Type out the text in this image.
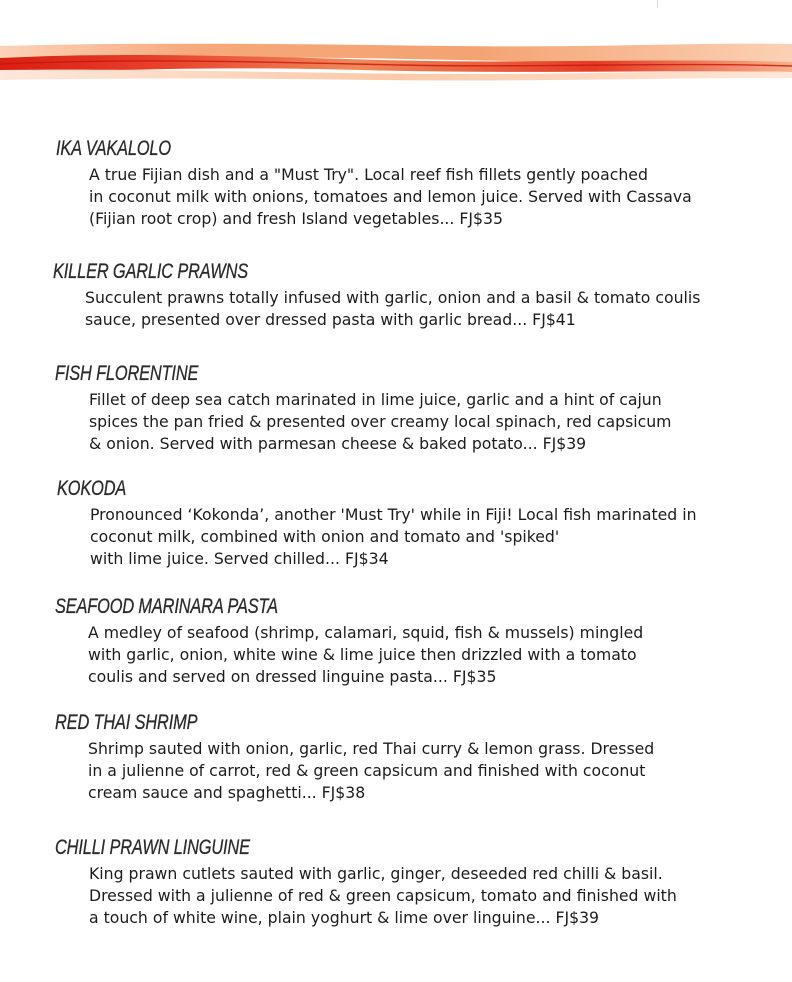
IKA VAKALOLO
A true Fijian dish and a "Must Try". Local reef fish fillets gently poached
in coconut milk with onions, tomatoes and lemon juice. Served with Cassava
(Fijian root crop) and fresh Island vegetables... FJ$35
KILLER GARLIC PRAWNS
Succulent prawns totally infused with garlic, onion and a basil & tomato coulis
sauce, presented over dressed pasta with garlic bread... FJ$41
FISH FLORENTINE
Fillet of deep sea catch marinated in lime juice, garlic and a hint of cajun
spices the pan fried & presented over creamy local spinach, red capsicum
& onion. Served with parmesan cheese & baked potato... FJ$39
KOKODA
Pronounced ‘Kokonda’, another 'Must Try' while in Fiji! Local fish marinated in
coconut milk, combined with onion and tomato and 'spiked'
with lime juice. Served chilled... FJ$34
SEAFOOD MARINARA PASTA
A medley of seafood (shrimp, calamari, squid, fish & mussels) mingled
with garlic, onion, white wine & lime juice then drizzled with a tomato
coulis and served on dressed linguine pasta... FJ$35
RED THAI SHRIMP
Shrimp sauted with onion, garlic, red Thai curry & lemon grass. Dressed
in a julienne of carrot, red & green capsicum and finished with coconut
cream sauce and spaghetti... FJ$38
CHILLI PRAWN LINGUINE
King prawn cutlets sauted with garlic, ginger, deseeded red chilli & basil.
Dressed with a julienne of red & green capsicum, tomato and finished with
a touch of white wine, plain yoghurt & lime over linguine... FJ$39
